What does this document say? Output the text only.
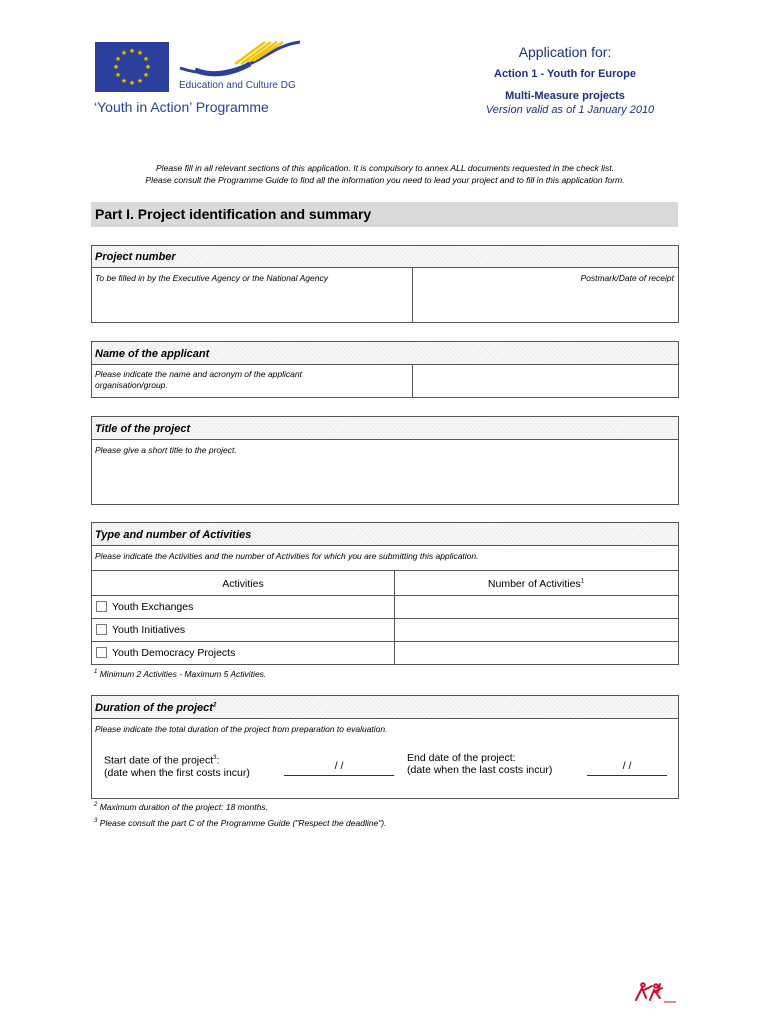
★ ★
★
★
★
★
★
★
★
★
★
★
Education and Culture DG
‘Youth in Action’ Programme
Application for:
Action 1 - Youth for Europe
Multi-Measure projects
Version valid as of 1 January 2010
Please fill in all relevant sections of this application. It is compulsory to annex ALL documents requested in the check list.
Please consult the Programme Guide to find all the information you need to lead your project and to fill in this application form.
Part I. Project identification and summary
Project number
To be filled in by the Executive Agency or the National Agency	Postmark/Date of receipt
Name of the applicant
Please indicate the name and acronym of the applicant
organisation/group.
Title of the project
Please give a short title to the project.
Type and number of Activities
Please indicate the Activities and the number of Activities for which you are submitting this application.
Activities	Number of Activities$^1$
Youth Exchanges
Youth Initiatives
Youth Democracy Projects
$^1$ Minimum 2 Activities - Maximum 5 Activities.
Duration of the project$^2$
Please indicate the total duration of the project from preparation to evaluation.
Start date of the project$^3$:
(date when the first costs incur)
/ /
End date of the project:
(date when the last costs incur)	/ /
$^2$ Maximum duration of the project: 18 months.
$^3$ Please consult the part C of the Programme Guide ("Respect the deadline").
